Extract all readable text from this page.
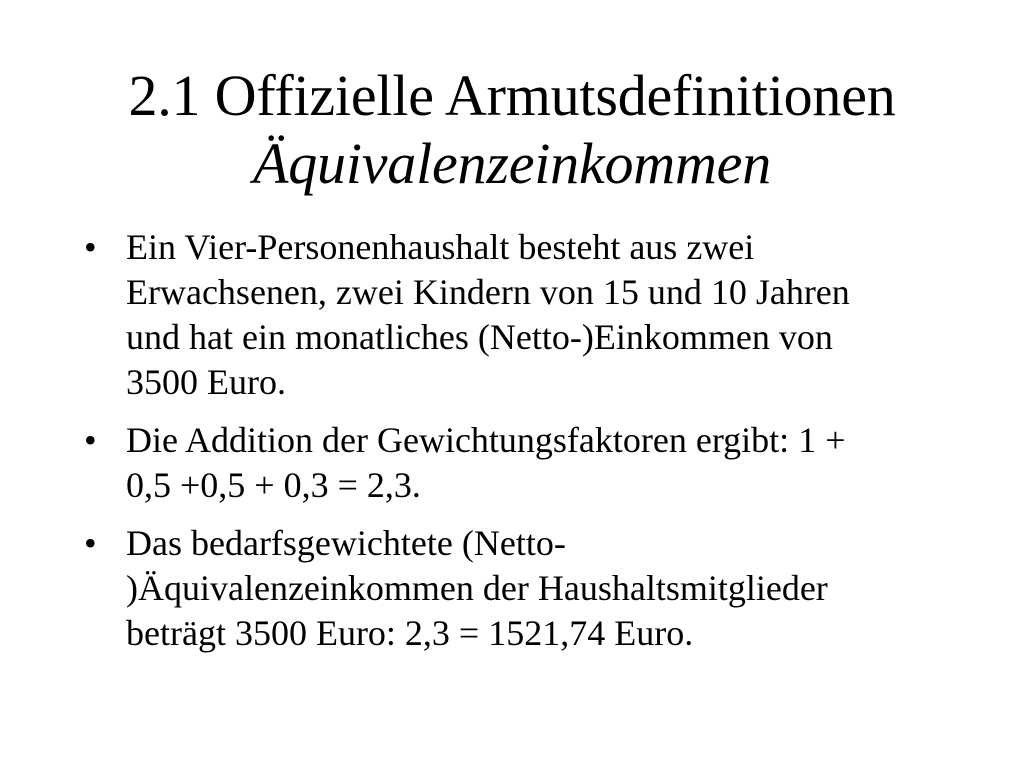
2.1 Offizielle Armutsdefinitionen
Äquivalenzeinkommen
• Ein Vier-Personenhaushalt besteht aus zwei
Erwachsenen, zwei Kindern von 15 und 10 Jahren
und hat ein monatliches (Netto-)Einkommen von
3500 Euro.
• Die Addition der Gewichtungsfaktoren ergibt: 1 +
0,5 +0,5 + 0,3 = 2,3.
• Das bedarfsgewichtete (Netto-
)Äquivalenzeinkommen der Haushaltsmitglieder
beträgt 3500 Euro: 2,3 = 1521,74 Euro.
